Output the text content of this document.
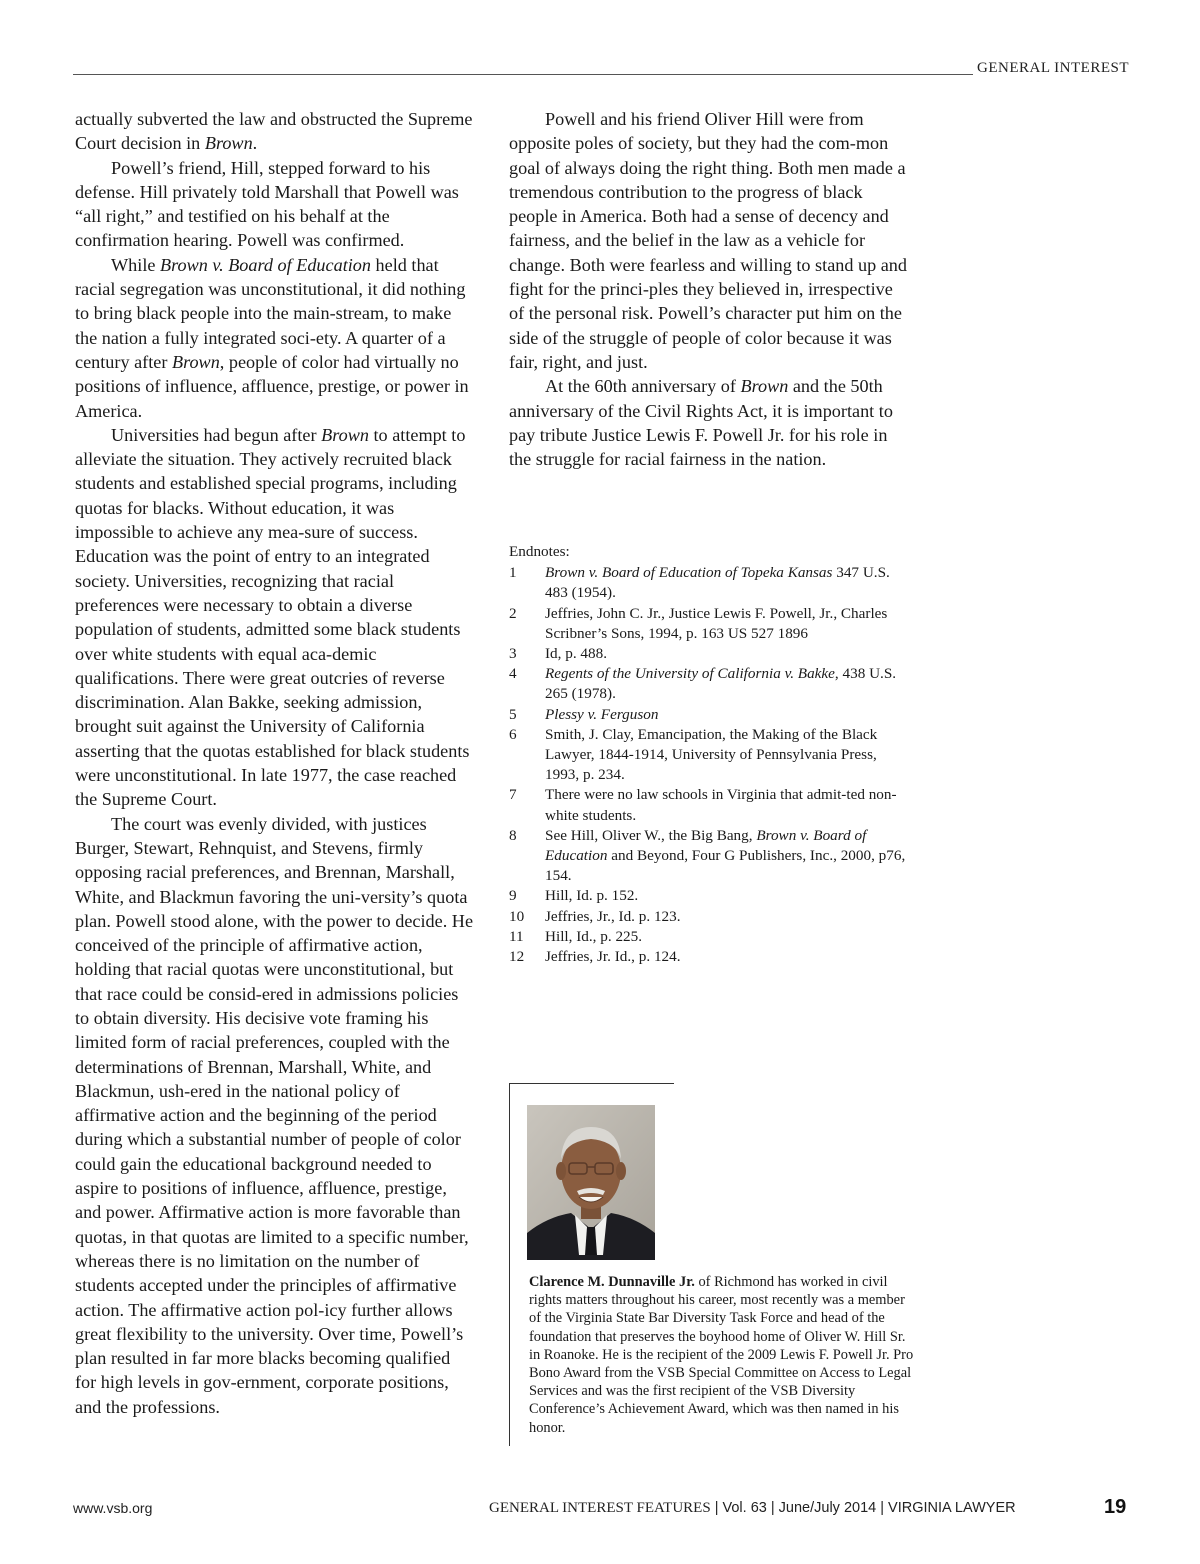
GENERAL INTEREST

actually subverted the law and obstructed the Supreme Court decision in Brown.

Powell’s friend, Hill, stepped forward to his defense. Hill privately told Marshall that Powell was “all right,” and testified on his behalf at the confirmation hearing. Powell was confirmed.

While Brown v. Board of Education held that racial segregation was unconstitutional, it did nothing to bring black people into the main-stream, to make the nation a fully integrated soci-ety. A quarter of a century after Brown, people of color had virtually no positions of influence, affluence, prestige, or power in America.

Universities had begun after Brown to attempt to alleviate the situation. They actively recruited black students and established special programs, including quotas for blacks. Without education, it was impossible to achieve any mea-sure of success. Education was the point of entry to an integrated society. Universities, recognizing that racial preferences were necessary to obtain a diverse population of students, admitted some black students over white students with equal aca-demic qualifications. There were great outcries of reverse discrimination. Alan Bakke, seeking admission, brought suit against the University of California asserting that the quotas established for black students were unconstitutional. In late 1977, the case reached the Supreme Court.

The court was evenly divided, with justices Burger, Stewart, Rehnquist, and Stevens, firmly opposing racial preferences, and Brennan, Marshall, White, and Blackmun favoring the uni-versity’s quota plan. Powell stood alone, with the power to decide. He conceived of the principle of affirmative action, holding that racial quotas were unconstitutional, but that race could be consid-ered in admissions policies to obtain diversity. His decisive vote framing his limited form of racial preferences, coupled with the determinations of Brennan, Marshall, White, and Blackmun, ush-ered in the national policy of affirmative action and the beginning of the period during which a substantial number of people of color could gain the educational background needed to aspire to positions of influence, affluence, prestige, and power. Affirmative action is more favorable than quotas, in that quotas are limited to a specific number, whereas there is no limitation on the number of students accepted under the principles of affirmative action. The affirmative action pol-icy further allows great flexibility to the university. Over time, Powell’s plan resulted in far more blacks becoming qualified for high levels in gov-ernment, corporate positions, and the professions.

Powell and his friend Oliver Hill were from opposite poles of society, but they had the com-mon goal of always doing the right thing. Both men made a tremendous contribution to the progress of black people in America. Both had a sense of decency and fairness, and the belief in the law as a vehicle for change. Both were fearless and willing to stand up and fight for the princi-ples they believed in, irrespective of the personal risk. Powell’s character put him on the side of the struggle of people of color because it was fair, right, and just.

At the 60th anniversary of Brown and the 50th anniversary of the Civil Rights Act, it is important to pay tribute Justice Lewis F. Powell Jr. for his role in the struggle for racial fairness in the nation.

Endnotes:
1	Brown v. Board of Education of Topeka Kansas 347 U.S. 483 (1954).
2	Jeffries, John C. Jr., Justice Lewis F. Powell, Jr., Charles Scribner’s Sons, 1994, p. 163 US 527 1896
3	Id, p. 488.
4	Regents of the University of California v. Bakke, 438 U.S. 265 (1978).
5	Plessy v. Ferguson
6	Smith, J. Clay, Emancipation, the Making of the Black Lawyer, 1844-1914, University of Pennsylvania Press, 1993, p. 234.
7	There were no law schools in Virginia that admit-ted non-white students.
8	See Hill, Oliver W., the Big Bang, Brown v. Board of Education and Beyond, Four G Publishers, Inc., 2000, p76, 154.
9	Hill, Id. p. 152.
10	Jeffries, Jr., Id. p. 123.
11	Hill, Id., p. 225.
12	Jeffries, Jr. Id., p. 124.
Clarence M. Dunnaville Jr. of Richmond has worked in civil rights matters throughout his career, most recently was a member of the Virginia State Bar Diversity Task Force and head of the foundation that preserves the boyhood home of Oliver W. Hill Sr. in Roanoke. He is the recipient of the 2009 Lewis F. Powell Jr. Pro Bono Award from the VSB Special Committee on Access to Legal Services and was the first recipient of the VSB Diversity Conference’s Achievement Award, which was then named in his honor.
www.vsb.org	GENERAL INTEREST FEATURES | Vol. 63 | June/July 2014 | VIRGINIA LAWYER	19
